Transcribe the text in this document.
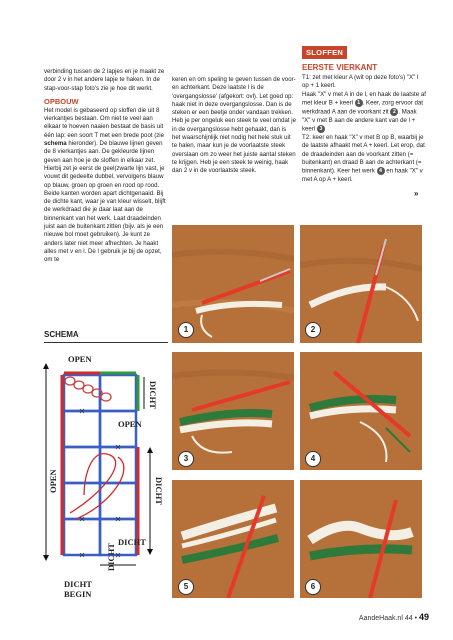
verbinding tussen de 2 lapjes en je maakt ze door 2 v in het andere lapje te haken. In de stap-voor-stap foto's zie je hoe dit werkt.

OPBOUW

Het model is gebaseerd op sloffen die uit 8 vierkantjes bestaan. Om niet te veel aan elkaar te hoeven naaien bestaat de basis uit één lap: een soort T met een brede poot (zie schema hieronder). De blauwe lijnen geven de 8 vierkantjes aan. De gekleurde lijnen geven aan hoe je de sloffen in elkaar zet. Hierbij zet je eerst de geel(zwarte lijn vast, je vouwt dit gedeelte dubbel, vervolgens blauw op blauw, groen op groen en rood op rood. Beide kanten worden apart dichtgenaaid. Bij de dichte kant, waar je van kleur wisselt, blijft de werkdraad die je daar laat aan de binnenkant van het werk. Laat draadeinden juist aan de buitenkant zitten (bijv. als je een nieuwe bol moet gebruiken). Je kunt ze anders later niet meer afhechten. Je haakt alles met v en l. De l gebruik je bij de opzet, om te

keren en om speling te geven tussen de voor- en achterkant. Deze laatste l is de 'overgangslosse' (afgekort: ovl). Let goed op: haak niet in deze overgangslosse. Dan is de steken er een beetje onder vandaan trekken. Heb je per ongeluk een steek te veel omdat je in de overgangslosse hebt gehaakt, dan is het waarschijnlijk niet nodig het hele stuk uit te halen, maar kun je de voorlaatste steek overslaan om zo weer het juiste aantal steken te krijgen. Heb je een steek te weinig, haak dan 2 v in de voorlaatste steek.

SLOFFEN

EERSTE VIERKANT

T1: zet met kleur A (wit op deze foto's) "X" l op + 1 keerl.

Haak "X" v met A in de l, en haak de laatste af met kleur B + keerl 1 . Keer, zorg ervoor dat werkdraad A aan de voorkant zit 2 . Maak "X" v met B aan de andere kant van de l + keerl 3

T2: keer en haak "X" v met B op B, waarbij je de laatste afhaakt met A + keerl. Let erop, dat de draadeinden aan de voorkant zitten (= buitenkant) en draad B aan de achterkant (= binnenkant). Keer het werk 4 en haak "X" v met A op A + keerl.

»
SCHEMA
OPEN
DICHT
OPEN
OPEN	DICHT
DICHT
DICHT
DICHT
BEGIN
1	2
3	4
5	6
AandeHaak.nl 44 • 49
